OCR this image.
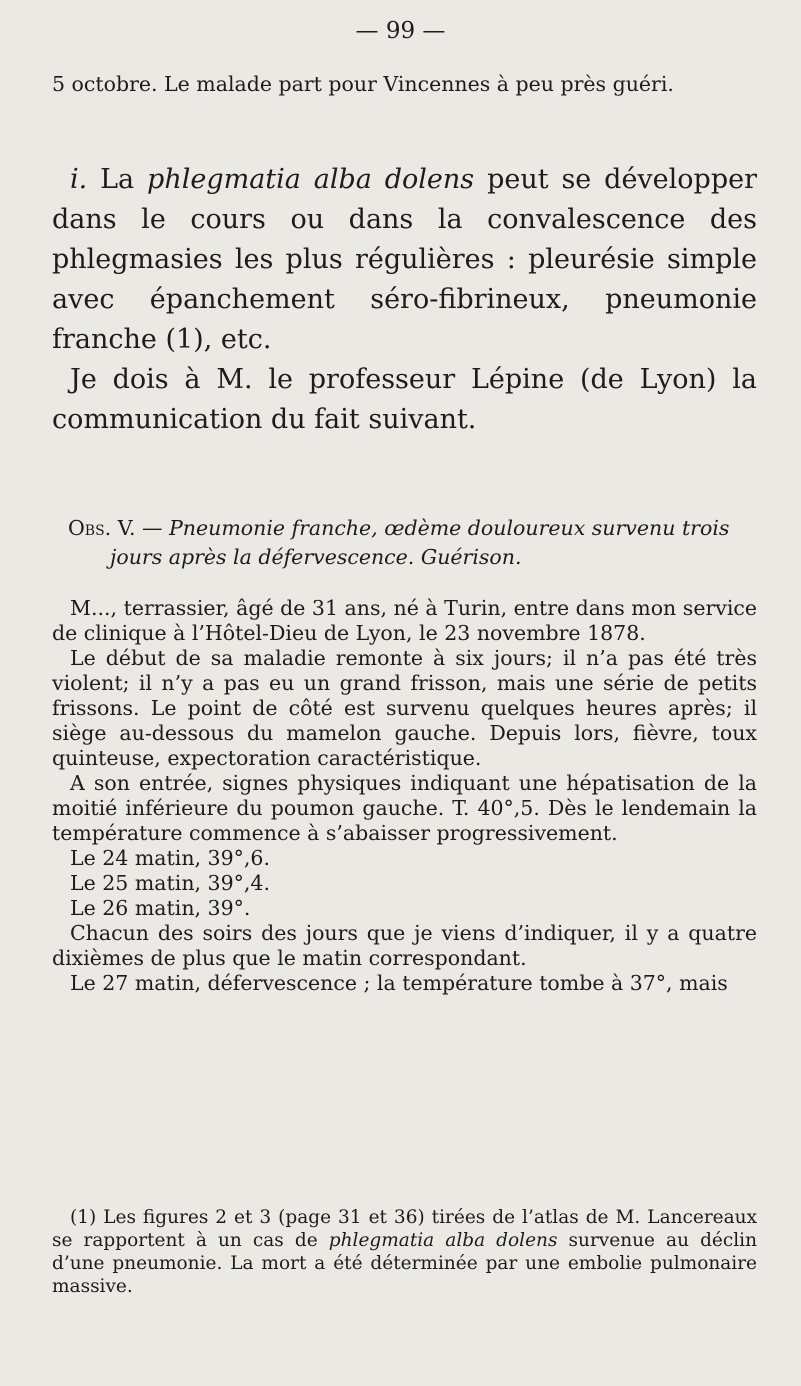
— 99 —

5 octobre. Le malade part pour Vincennes à peu près guéri.

i. La phlegmatia alba dolens peut se développer dans le cours ou dans la convalescence des phlegmasies les plus régulières : pleurésie simple avec épanchement séro-fibrineux, pneumonie franche (1), etc.

Je dois à M. le professeur Lépine (de Lyon) la communication du fait suivant.

Obs. V. — Pneumonie franche, œdème douloureux survenu trois
jours après la défervescence. Guérison.

M..., terrassier, âgé de 31 ans, né à Turin, entre dans mon service de clinique à l’Hôtel-Dieu de Lyon, le 23 novembre 1878.

Le début de sa maladie remonte à six jours; il n’a pas été très violent; il n’y a pas eu un grand frisson, mais une série de petits frissons. Le point de côté est survenu quelques heures après; il siège au-dessous du mamelon gauche. Depuis lors, fièvre, toux quinteuse, expectoration caractéristique.

A son entrée, signes physiques indiquant une hépatisation de la moitié inférieure du poumon gauche. T. 40°,5. Dès le lendemain la température commence à s’abaisser progressivement.

Le 24 matin, 39°,6.

Le 25 matin, 39°,4.

Le 26 matin, 39°.

Chacun des soirs des jours que je viens d’indiquer, il y a quatre dixièmes de plus que le matin correspondant.

Le 27 matin, défervescence ; la température tombe à 37°, mais

(1) Les figures 2 et 3 (page 31 et 36) tirées de l’atlas de M. Lancereaux se rapportent à un cas de phlegmatia alba dolens survenue au déclin d’une pneumonie. La mort a été déterminée par une embolie pulmonaire massive.
